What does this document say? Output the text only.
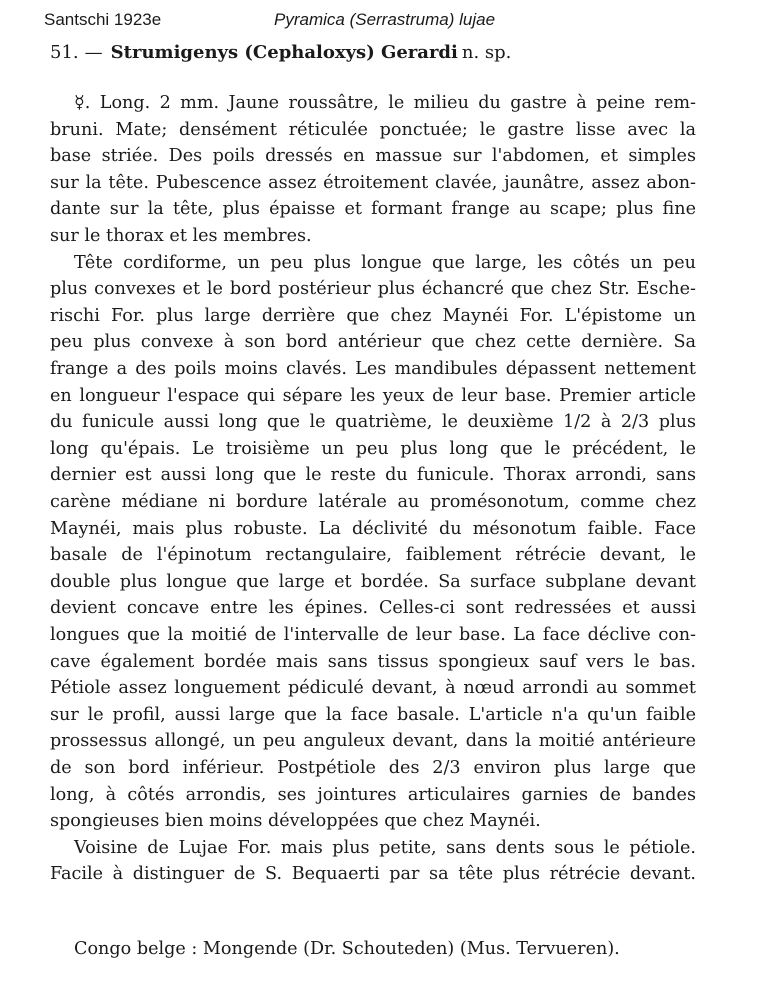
Santschi 1923e	Pyramica (Serrastruma) lujae
51. — Strumigenys (Cephaloxys) Gerardi n. sp.
☿. Long. 2 mm. Jaune roussâtre, le milieu du gastre à peine rem-
bruni. Mate; densément réticulée ponctuée; le gastre lisse avec la
base striée. Des poils dressés en massue sur l'abdomen, et simples
sur la tête. Pubescence assez étroitement clavée, jaunâtre, assez abon-
dante sur la tête, plus épaisse et formant frange au scape; plus fine
sur le thorax et les membres.
Tête cordiforme, un peu plus longue que large, les côtés un peu
plus convexes et le bord postérieur plus échancré que chez Str. Esche-
rischi For. plus large derrière que chez Maynéi For. L'épistome un
peu plus convexe à son bord antérieur que chez cette dernière. Sa
frange a des poils moins clavés. Les mandibules dépassent nettement
en longueur l'espace qui sépare les yeux de leur base. Premier article
du funicule aussi long que le quatrième, le deuxième 1/2 à 2/3 plus
long qu'épais. Le troisième un peu plus long que le précédent, le
dernier est aussi long que le reste du funicule. Thorax arrondi, sans
carène médiane ni bordure latérale au promésonotum, comme chez
Maynéi, mais plus robuste. La déclivité du mésonotum faible. Face
basale de l'épinotum rectangulaire, faiblement rétrécie devant, le
double plus longue que large et bordée. Sa surface subplane devant
devient concave entre les épines. Celles-ci sont redressées et aussi
longues que la moitié de l'intervalle de leur base. La face déclive con-
cave également bordée mais sans tissus spongieux sauf vers le bas.
Pétiole assez longuement pédiculé devant, à nœud arrondi au sommet
sur le profil, aussi large que la face basale. L'article n'a qu'un faible
prossessus allongé, un peu anguleux devant, dans la moitié antérieure
de son bord inférieur. Postpétiole des 2/3 environ plus large que
long, à côtés arrondis, ses jointures articulaires garnies de bandes
spongieuses bien moins développées que chez Maynéi.
Voisine de Lujae For. mais plus petite, sans dents sous le pétiole.
Facile à distinguer de S. Bequaerti par sa tête plus rétrécie devant.
Congo belge : Mongende (Dr. Schouteden) (Mus. Tervueren).
